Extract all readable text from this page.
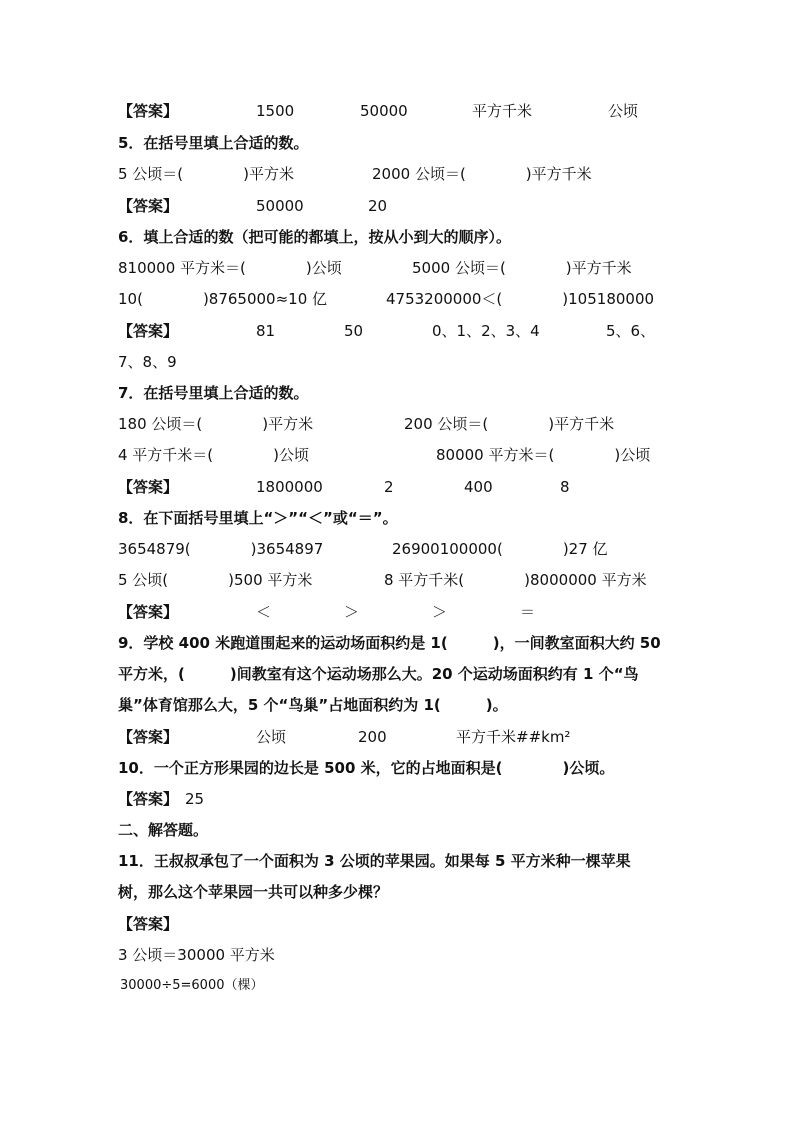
【答案】	1500	50000	平方千米	公顷
5．在括号里填上合适的数。
5 公顷＝(　　　　)平方米	2000 公顷＝(　　　　)平方千米
【答案】	50000	20
6．填上合适的数（把可能的都填上，按从小到大的顺序）。
810000 平方米＝(　　　　)公顷	5000 公顷＝(　　　　)平方千米
10(　　　　)8765000≈10 亿	4753200000＜(　　　　)105180000
【答案】	81	50	0、1、2、3、4	5、6、
7、8、9
7．在括号里填上合适的数。
180 公顷＝(　　　　)平方米	200 公顷＝(　　　　)平方千米
4 平方千米＝(　　　　)公顷	80000 平方米＝(　　　　)公顷
【答案】	1800000	2	400	8
8．在下面括号里填上“＞”“＜”或“＝”。
3654879(　　　　)3654897	26900100000(　　　　)27 亿
5 公顷(　　　　)500 平方米	8 平方千米(　　　　)8000000 平方米
【答案】	＜	＞	＞	＝
9．学校 400 米跑道围起来的运动场面积约是 1(　　　)，一间教室面积大约 50
平方米，(　　　)间教室有这个运动场那么大。20 个运动场面积约有 1 个“鸟
巢”体育馆那么大，5 个“鸟巢”占地面积约为 1(　　　)。
【答案】	公顷	200	平方千米##km²
10．一个正方形果园的边长是 500 米，它的占地面积是(　　　　)公顷。
【答案】 25
二、解答题。
11．王叔叔承包了一个面积为 3 公顷的苹果园。如果每 5 平方米种一棵苹果
树，那么这个苹果园一共可以种多少棵？
【答案】
3 公顷＝30000 平方米
30000÷5=6000（棵）
